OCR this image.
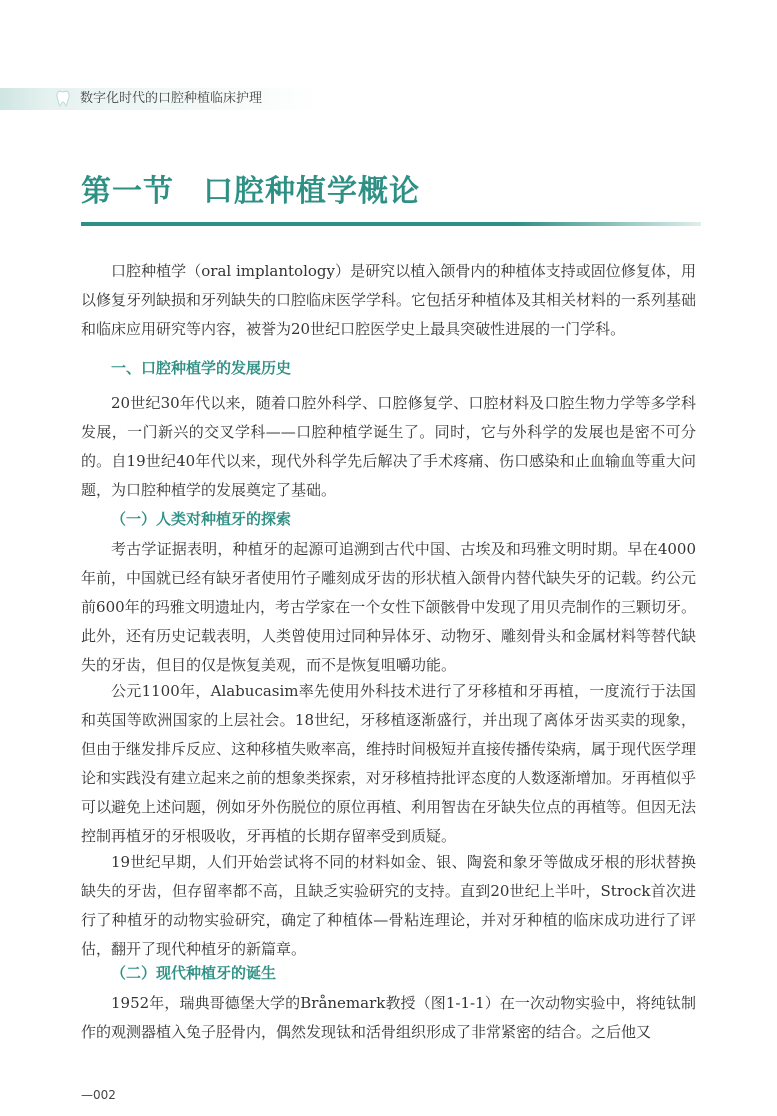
数字化时代的口腔种植临床护理
第一节 口腔种植学概论

口腔种植学（oral implantology）是研究以植入颌骨内的种植体支持或固位修复体，用以修复牙列缺损和牙列缺失的口腔临床医学学科。它包括牙种植体及其相关材料的一系列基础和临床应用研究等内容，被誉为20世纪口腔医学史上最具突破性进展的一门学科。

一、口腔种植学的发展历史

20世纪30年代以来，随着口腔外科学、口腔修复学、口腔材料及口腔生物力学等多学科发展，一门新兴的交叉学科——口腔种植学诞生了。同时，它与外科学的发展也是密不可分的。自19世纪40年代以来，现代外科学先后解决了手术疼痛、伤口感染和止血输血等重大问题，为口腔种植学的发展奠定了基础。

（一）人类对种植牙的探索

考古学证据表明，种植牙的起源可追溯到古代中国、古埃及和玛雅文明时期。早在4000年前，中国就已经有缺牙者使用竹子雕刻成牙齿的形状植入颌骨内替代缺失牙的记载。约公元前600年的玛雅文明遗址内，考古学家在一个女性下颌骸骨中发现了用贝壳制作的三颗切牙。此外，还有历史记载表明，人类曾使用过同种异体牙、动物牙、雕刻骨头和金属材料等替代缺失的牙齿，但目的仅是恢复美观，而不是恢复咀嚼功能。

公元1100年，Alabucasim率先使用外科技术进行了牙移植和牙再植，一度流行于法国和英国等欧洲国家的上层社会。18世纪，牙移植逐渐盛行，并出现了离体牙齿买卖的现象，但由于继发排斥反应、这种移植失败率高，维持时间极短并直接传播传染病，属于现代医学理论和实践没有建立起来之前的想象类探索，对牙移植持批评态度的人数逐渐增加。牙再植似乎可以避免上述问题，例如牙外伤脱位的原位再植、利用智齿在牙缺失位点的再植等。但因无法控制再植牙的牙根吸收，牙再植的长期存留率受到质疑。

19世纪早期，人们开始尝试将不同的材料如金、银、陶瓷和象牙等做成牙根的形状替换缺失的牙齿，但存留率都不高，且缺乏实验研究的支持。直到20世纪上半叶，Strock首次进行了种植牙的动物实验研究，确定了种植体—骨粘连理论，并对牙种植的临床成功进行了评估，翻开了现代种植牙的新篇章。

（二）现代种植牙的诞生

1952年，瑞典哥德堡大学的Brånemark教授（图1-1-1）在一次动物实验中，将纯钛制作的观测器植入兔子胫骨内，偶然发现钛和活骨组织形成了非常紧密的结合。之后他又

—002
